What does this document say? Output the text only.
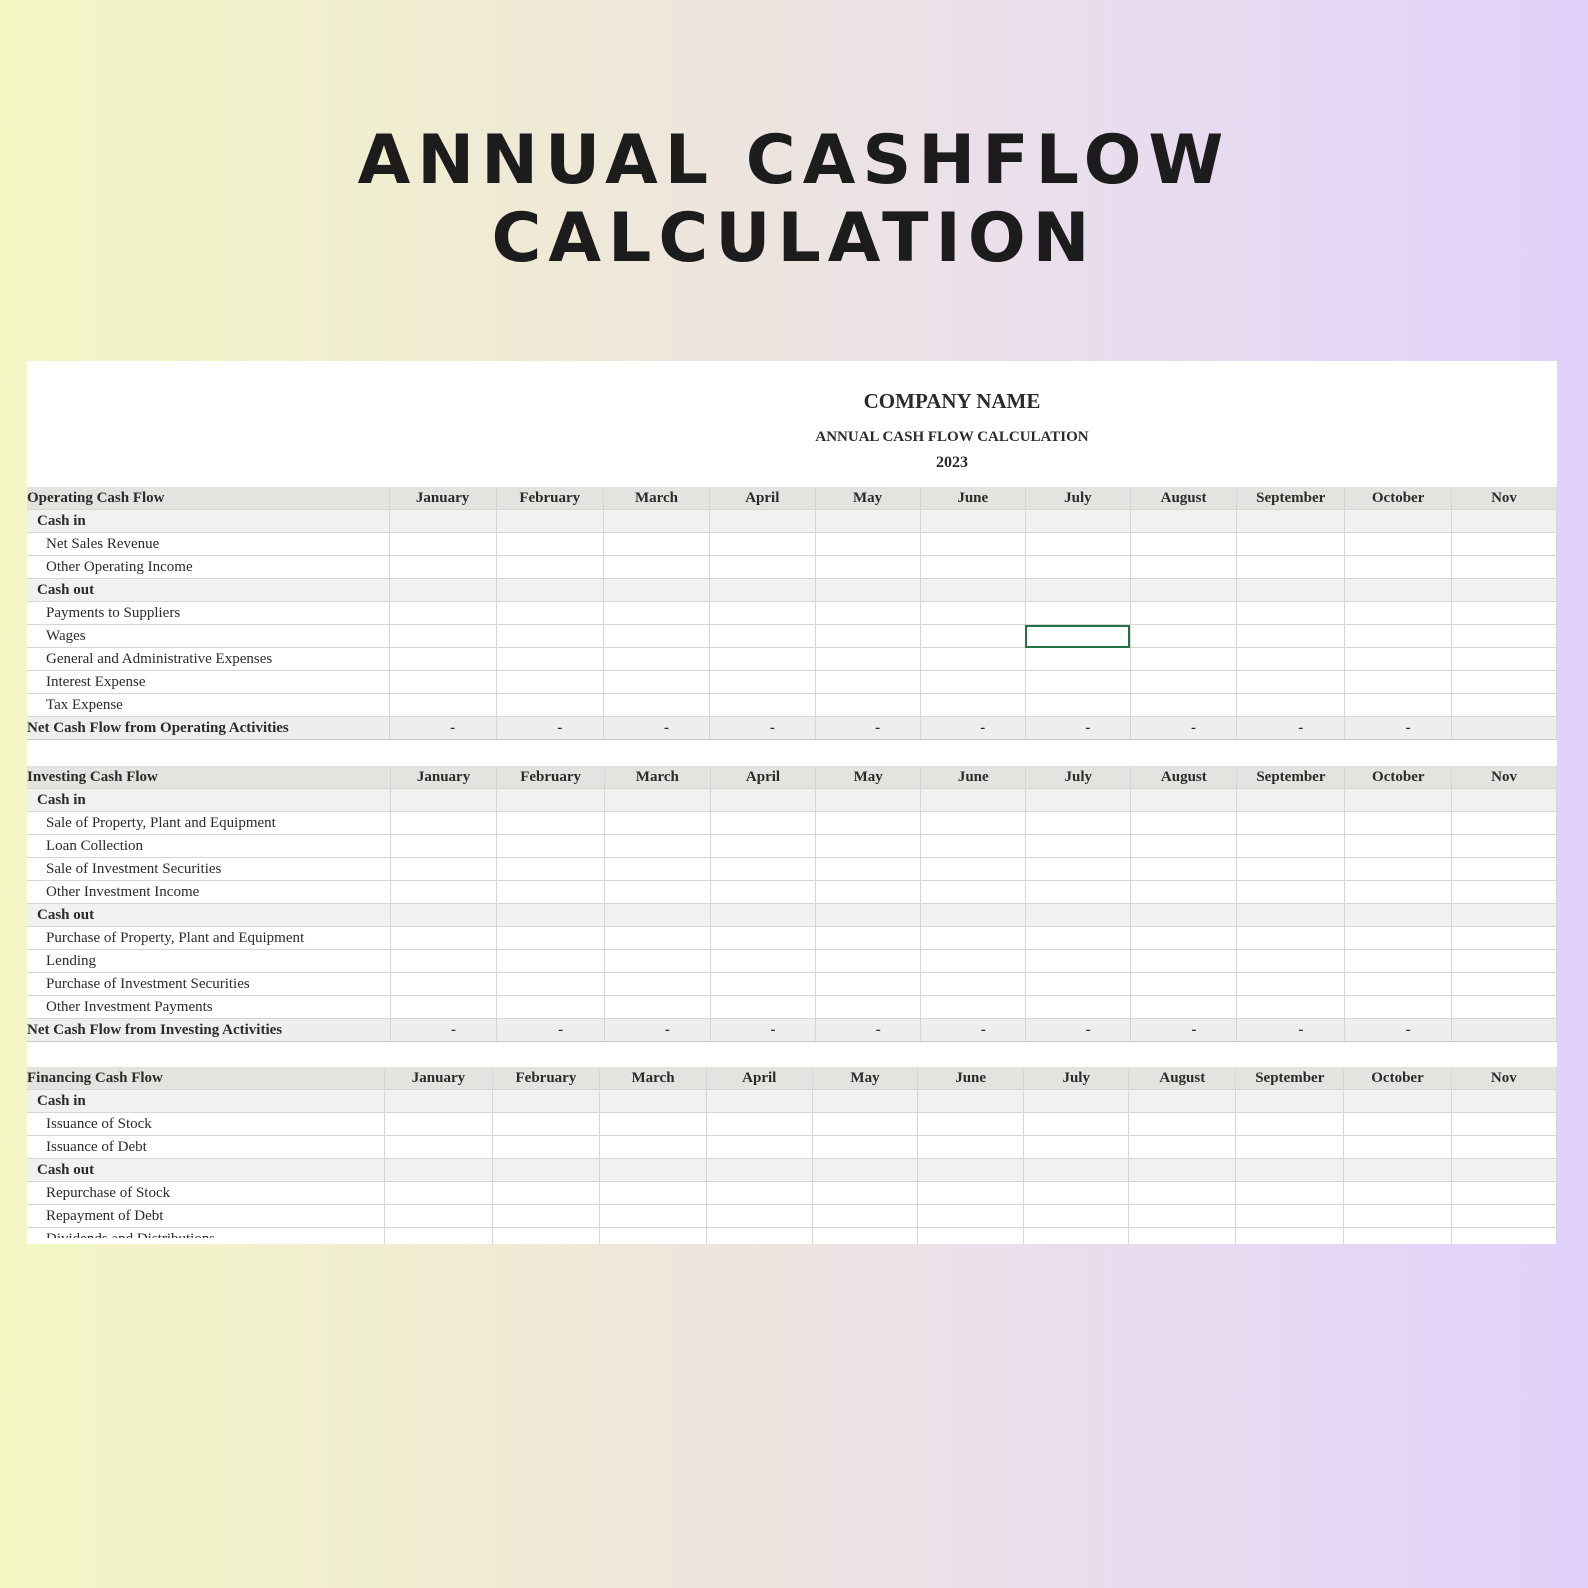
ANNUAL CASHFLOW
CALCULATION
COMPANY NAME
ANNUAL CASH FLOW CALCULATION
2023
Operating Cash Flow	January	February	March	April	May	June	July	August	September	October	Nov
Cash in											
Net Sales Revenue											
Other Operating Income											
Cash out											
Payments to Suppliers											
Wages											
General and Administrative Expenses											
Interest Expense											
Tax Expense											
Net Cash Flow from Operating Activities	-	-	-	-	-	-	-	-	-	-	
Investing Cash Flow	January	February	March	April	May	June	July	August	September	October	Nov
Cash in											
Sale of Property, Plant and Equipment											
Loan Collection											
Sale of Investment Securities											
Other Investment Income											
Cash out											
Purchase of Property, Plant and Equipment											
Lending											
Purchase of Investment Securities											
Other Investment Payments											
Net Cash Flow from Investing Activities	-	-	-	-	-	-	-	-	-	-	
Financing Cash Flow	January	February	March	April	May	June	July	August	September	October	Nov
Cash in											
Issuance of Stock											
Issuance of Debt											
Cash out											
Repurchase of Stock											
Repayment of Debt											
